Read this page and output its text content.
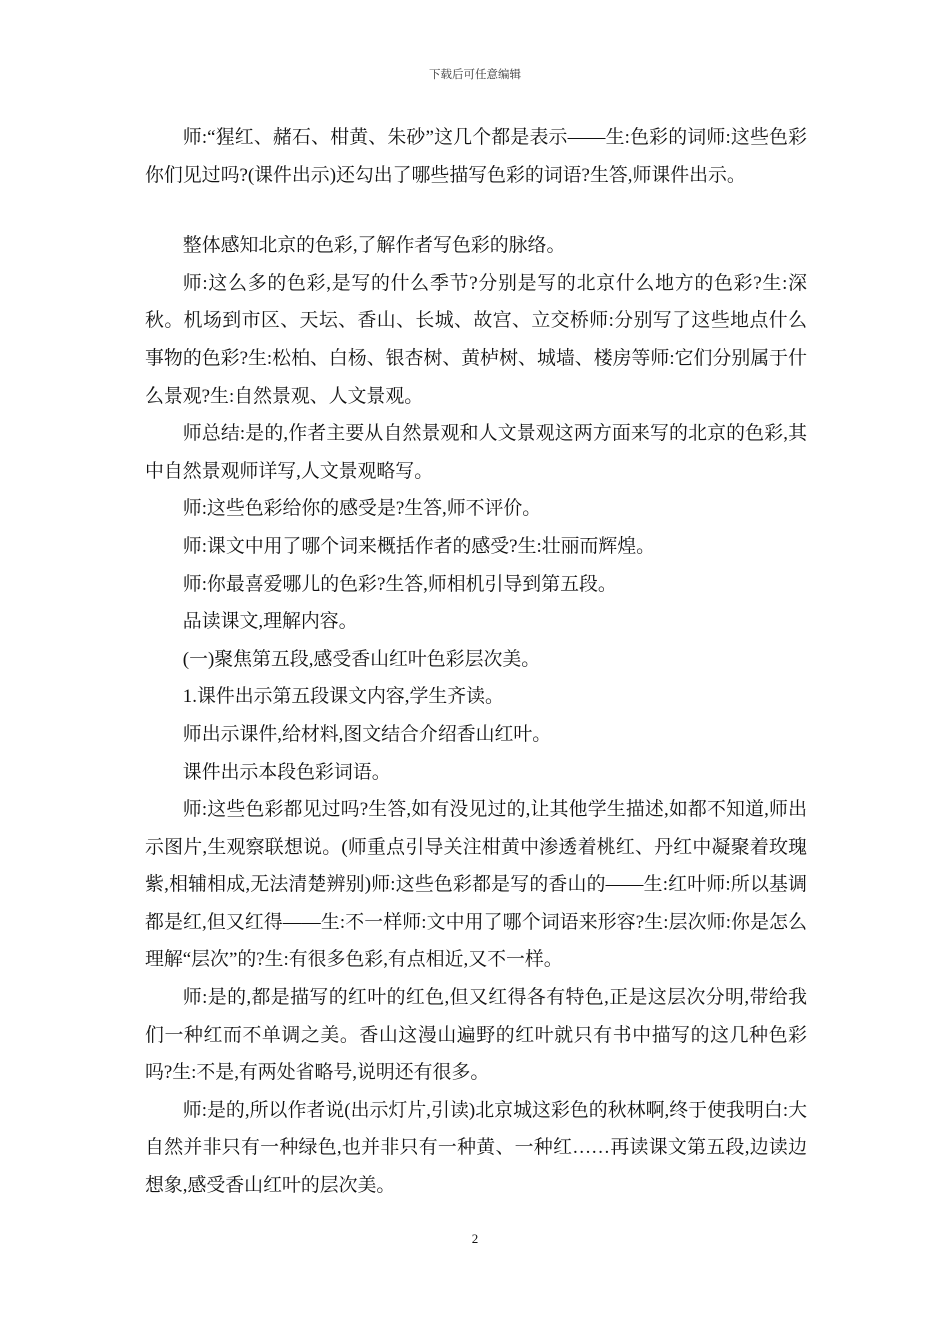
下载后可任意编辑

师:“猩红、赭石、柑黄、朱砂”这几个都是表示——生:色彩的词师:这些色彩你们见过吗?(课件出示)还勾出了哪些描写色彩的词语?生答,师课件出示。

整体感知北京的色彩,了解作者写色彩的脉络。

师:这么多的色彩,是写的什么季节?分别是写的北京什么地方的色彩?生:深秋。机场到市区、天坛、香山、长城、故宫、立交桥师:分别写了这些地点什么事物的色彩?生:松柏、白杨、银杏树、黄栌树、城墙、楼房等师:它们分别属于什么景观?生:自然景观、人文景观。

师总结:是的,作者主要从自然景观和人文景观这两方面来写的北京的色彩,其中自然景观师详写,人文景观略写。

师:这些色彩给你的感受是?生答,师不评价。

师:课文中用了哪个词来概括作者的感受?生:壮丽而辉煌。

师:你最喜爱哪儿的色彩?生答,师相机引导到第五段。

品读课文,理解内容。

(一)聚焦第五段,感受香山红叶色彩层次美。

1.课件出示第五段课文内容,学生齐读。

师出示课件,给材料,图文结合介绍香山红叶。

课件出示本段色彩词语。

师:这些色彩都见过吗?生答,如有没见过的,让其他学生描述,如都不知道,师出示图片,生观察联想说。(师重点引导关注柑黄中渗透着桃红、丹红中凝聚着玫瑰紫,相辅相成,无法清楚辨别)师:这些色彩都是写的香山的——生:红叶师:所以基调都是红,但又红得——生:不一样师:文中用了哪个词语来形容?生:层次师:你是怎么理解“层次”的?生:有很多色彩,有点相近,又不一样。

师:是的,都是描写的红叶的红色,但又红得各有特色,正是这层次分明,带给我们一种红而不单调之美。香山这漫山遍野的红叶就只有书中描写的这几种色彩吗?生:不是,有两处省略号,说明还有很多。

师:是的,所以作者说(出示灯片,引读)北京城这彩色的秋林啊,终于使我明白:大自然并非只有一种绿色,也并非只有一种黄、一种红……再读课文第五段,边读边想象,感受香山红叶的层次美。

2
